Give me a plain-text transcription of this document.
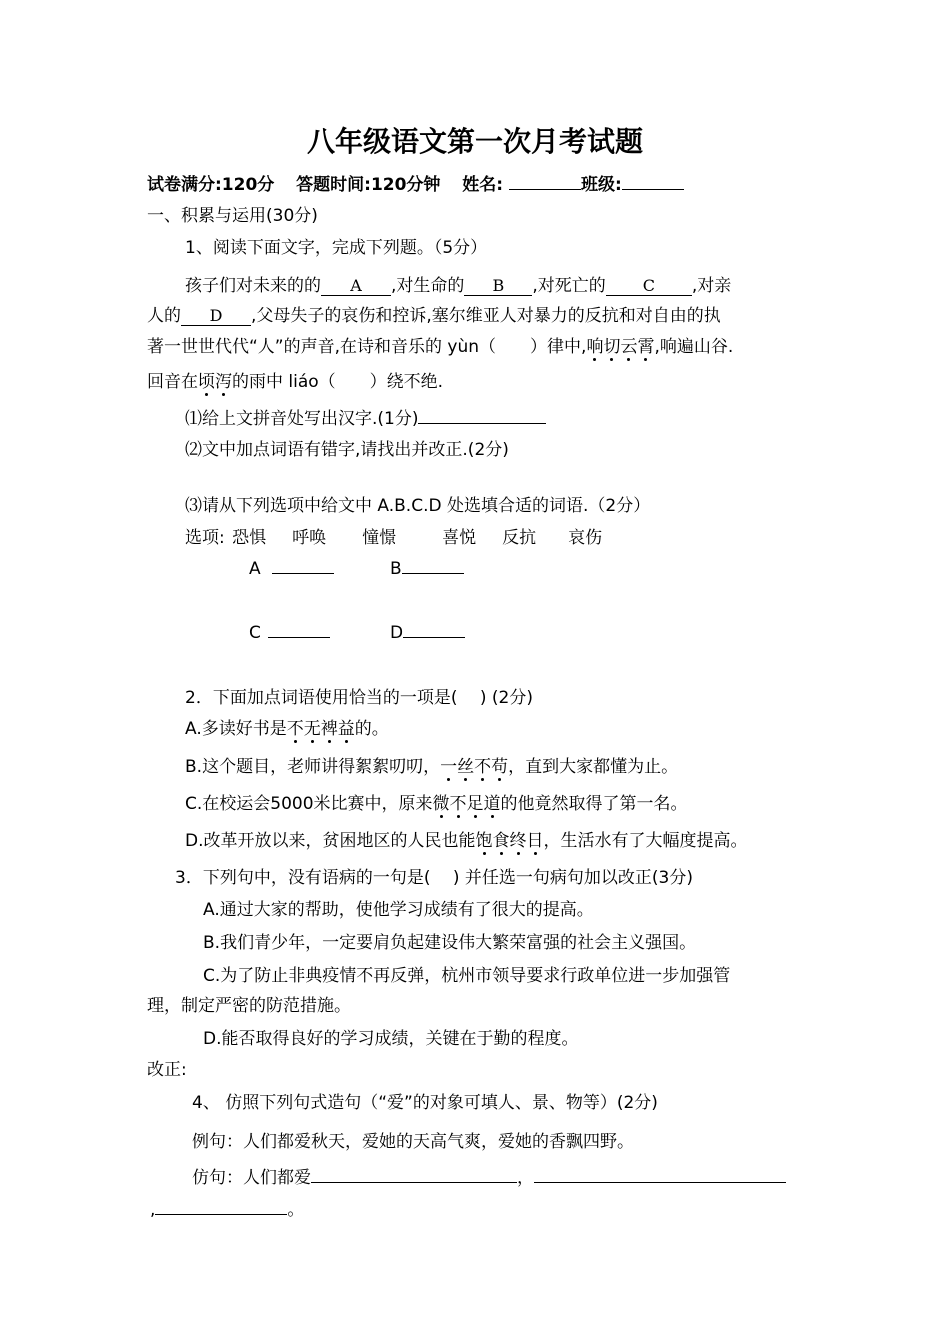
八年级语文第一次月考试题
试卷满分:120分 答题时间:120分钟 姓名:	班级:
一、积累与运用(30分)
1、阅读下面文字，完成下列题。（5分）
孩子们对未来的的 A ,对生命的 B ,对死亡的 C ,对亲
人的 D ,父母失子的哀伤和控诉,塞尔维亚人对暴力的反抗和对自由的执
著一世世代代“人”的声音,在诗和音乐的 yùn（　　）律中,响切云霄,响遍山谷.
回音在顷泻的雨中 liáo（　　）绕不绝.
⑴给上文拼音处写出汉字.(1分)
⑵文中加点词语有错字,请找出并改正.(2分)
⑶请从下列选项中给文中 A.B.C.D 处选填合适的词语.（2分）
选项: 恐惧 呼唤 憧憬	喜悦 反抗 哀伤
A	B
C	D
2．下面加点词语使用恰当的一项是(　 ) (2分)
A.多读好书是不无裨益的。
B.这个题目，老师讲得絮絮叨叨，一丝不苟，直到大家都懂为止。
C.在校运会5000米比赛中，原来微不足道的他竟然取得了第一名。
D.改革开放以来，贫困地区的人民也能饱食终日，生活水有了大幅度提高。
3．下列句中，没有语病的一句是(　 ) 并任选一句病句加以改正(3分)
A.通过大家的帮助，使他学习成绩有了很大的提高。
B.我们青少年，一定要肩负起建设伟大繁荣富强的社会主义强国。
C.为了防止非典疫情不再反弹，杭州市领导要求行政单位进一步加强管
理，制定严密的防范措施。
D.能否取得良好的学习成绩，关键在于勤的程度。
改正:
4、 仿照下列句式造句（“爱”的对象可填人、景、物等）(2分)
例句：人们都爱秋天，爱她的天高气爽，爱她的香飘四野。
仿句：人们都爱	，
,	。
